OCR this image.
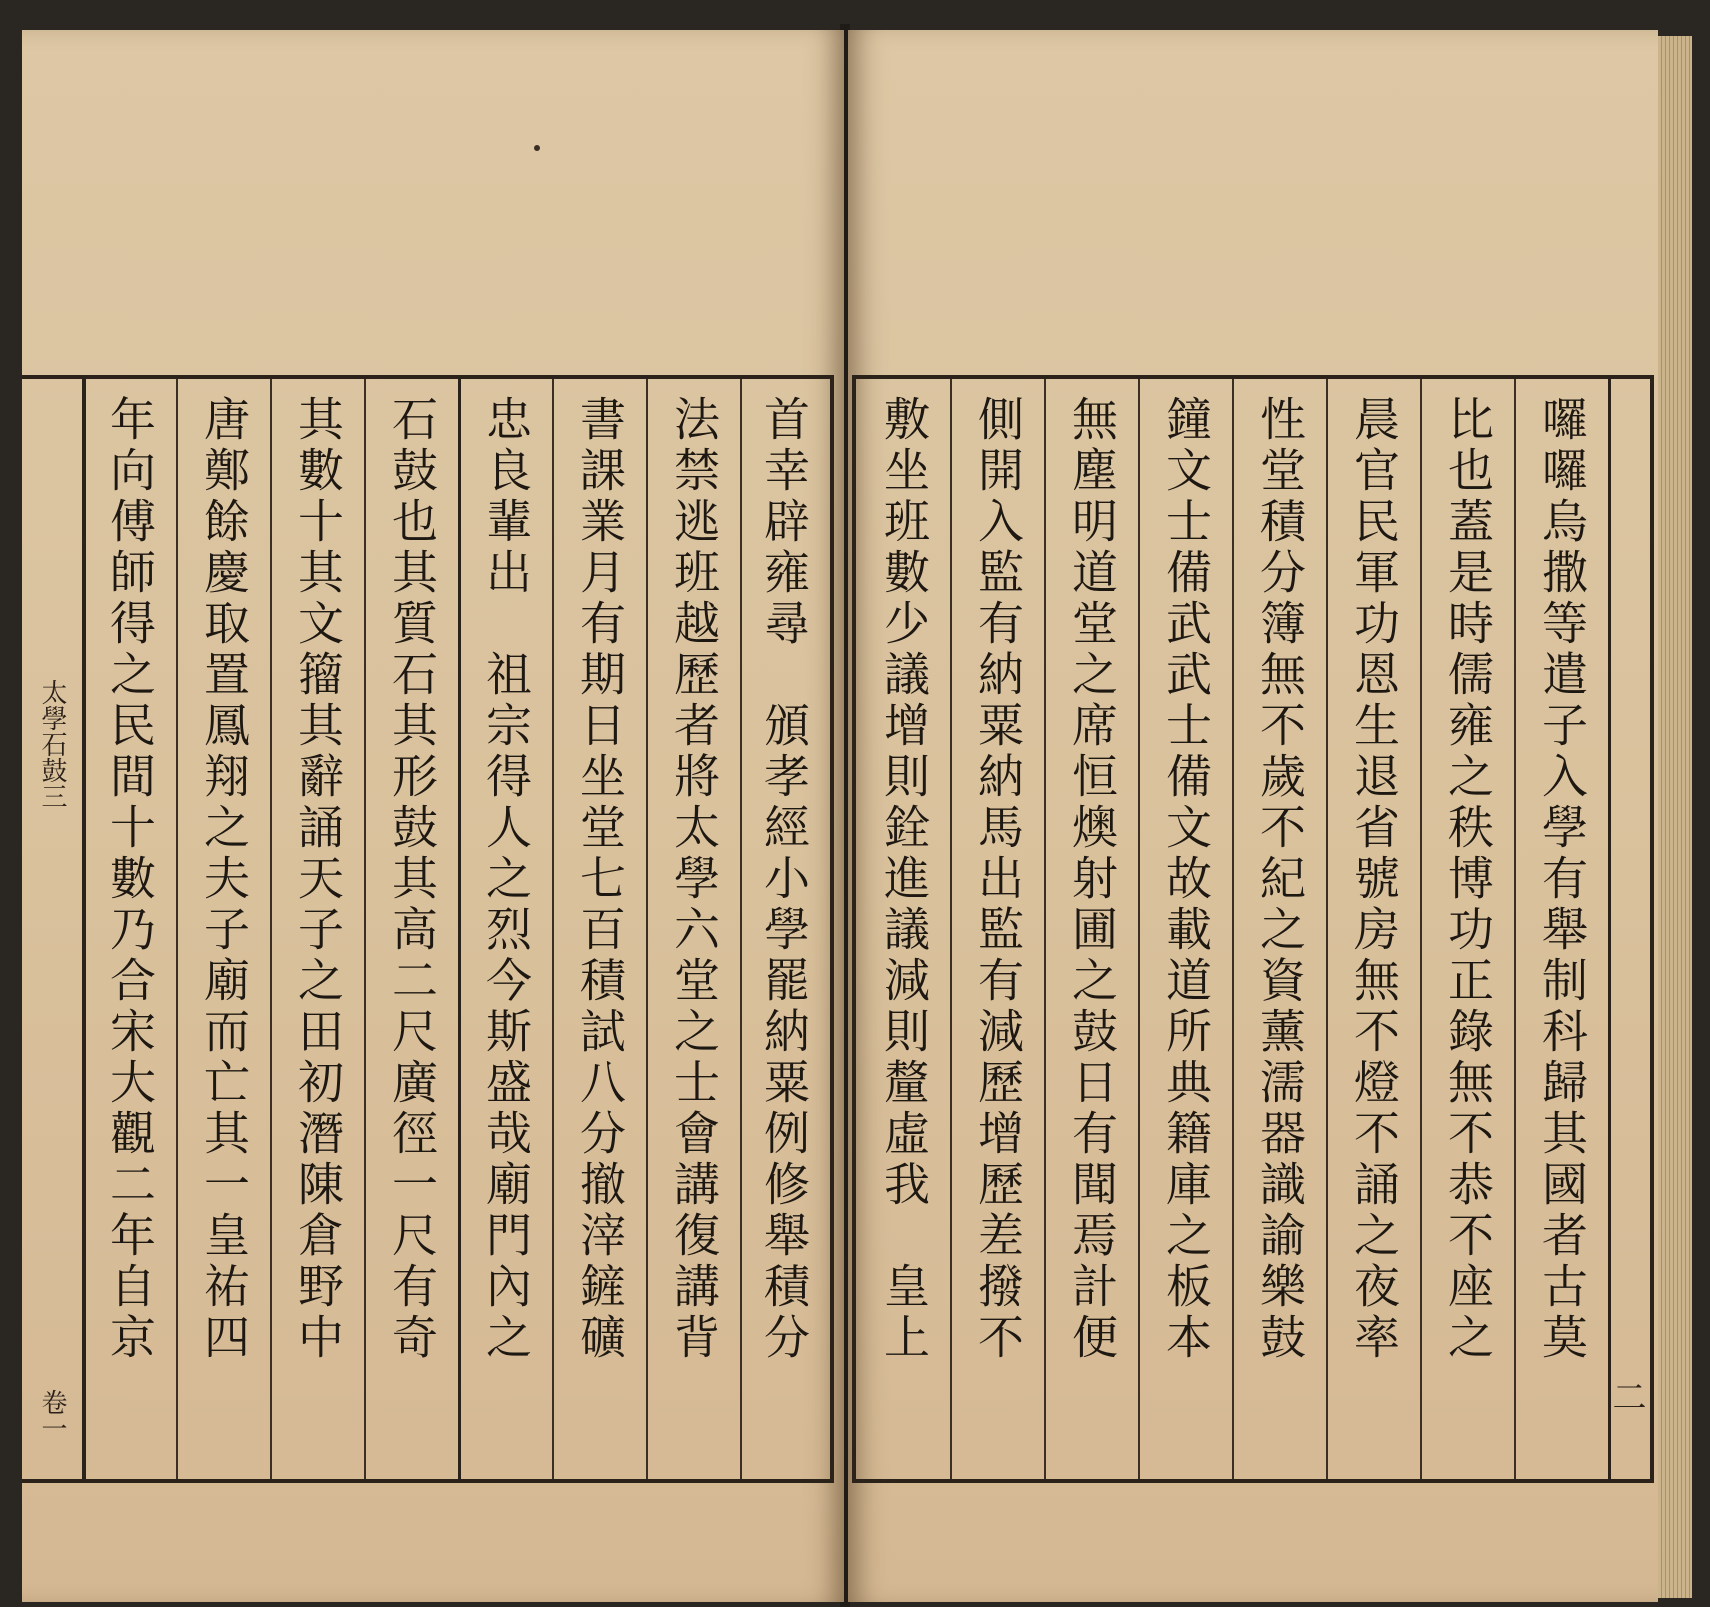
太學石鼓三
卷一
年向傅師得之民間十數乃合宋大觀二年自京 唐鄭餘慶取置鳳翔之夫子廟而亡其一皇祐四 其數十其文籀其辭誦天子之田初潛陳倉野中 石鼓也其質石其形鼓其高二尺廣徑一尺有奇 忠良輩出　祖宗得人之烈今斯盛哉廟門內之 書課業月有期日坐堂七百積試八分撤滓鏟礦 法禁逃班越歷者將太學六堂之士會講復講背 首幸辟雍尋　頒孝經小學罷納粟例修舉積分	敷坐班數少議增則銓進議減則釐虛我　皇上 側開入監有納粟納馬出監有減歷增歷差撥不 無塵明道堂之席恒燠射圃之鼓日有聞焉計便 鐘文士備武武士備文故載道所典籍庫之板本 性堂積分簿無不歲不紀之資薰濡器識諭樂鼓 晨官民軍功恩生退省號房無不燈不誦之夜率 比也蓋是時儒雍之秩博功正錄無不恭不座之 囉囉烏撒等遣子入學有舉制科歸其國者古莫
二
